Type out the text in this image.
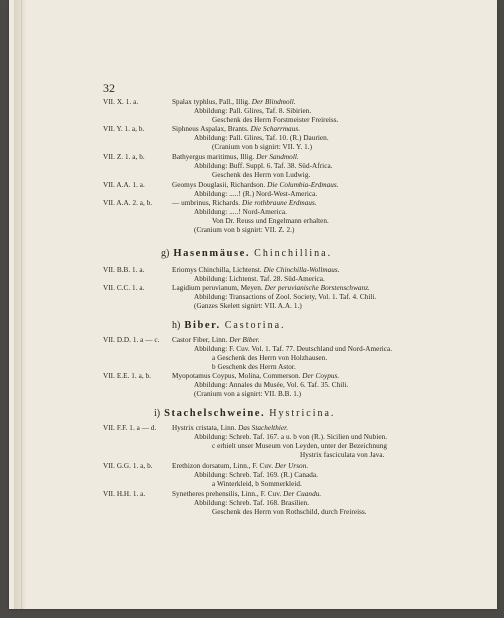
32
VII. X. 1. a.	Spalax typhlus, Pall., Illig. Der Blindmoll.
Abbildung: Pall. Glires, Taf. 8. Sibirien.
Geschenk des Herrn Forstmeister Freireiss.
VII. Y. 1. a, b.	Siphneus Aspalax, Brants. Die Scharrmaus.
Abbildung: Pall. Glires, Taf. 10. (R.) Daurien.
(Cranium von b signirt: VII. Y. 1.)
VII. Z. 1. a, b.	Bathyergus maritimus, Illig. Der Sandmoll.
Abbildung: Buff. Suppl. 6. Taf. 38. Süd-Africa.
Geschenk des Herrn von Ludwig.
VII. A.A. 1. a.	Geomys Douglasii, Richardson. Die Columbia-Erdmaus.
Abbildung: .....! (R.) Nord-West-America.
VII. A.A. 2. a, b.	— umbrinus, Richards. Die rothbraune Erdmaus.
Abbildung: .....! Nord-America.
Von Dr. Reuss und Engelmann erhalten.
(Cranium von b signirt: VII. Z. 2.)
g) Hasenmäuse. Chinchillina.
VII. B.B. 1. a.	Eriomys Chinchilla, Lichtenst. Die Chinchilla-Wollmaus.
Abbildung: Lichtenst. Taf. 28. Süd-America.
VII. C.C. 1. a.	Lagidium peruvianum, Meyen. Der peruvianische Borstenschwanz.
Abbildung: Transactions of Zool. Society, Vol. 1. Taf. 4. Chili.
(Ganzes Skelett signirt: VII. A.A. 1.)
h) Biber. Castorina.
VII. D.D. 1. a — c. Castor Fiber, Linn. Der Biber.
Abbildung: F. Cuv. Vol. 1. Taf. 77. Deutschland und Nord-America.
a Geschenk des Herrn von Holzhausen.
b Geschenk des Herrn Astor.
VII. E.E. 1. a, b.	Myopotamus Coypus, Molina, Commerson. Der Coypus.
Abbildung: Annales du Musée, Vol. 6. Taf. 35. Chili.
(Cranium von a signirt: VII. B.B. 1.)
i) Stachelschweine. Hystricina.
VII. F.F. 1. a — d. Hystrix cristata, Linn. Das Stachelthier.
Abbildung: Schreb. Taf. 167. a u. b von (R.). Sicilien und Nubien.
c erhielt unser Museum von Leyden, unter der Bezeichnung
Hystrix fasciculata von Java.
VII. G.G. 1. a, b.	Erethizon dorsatum, Linn., F. Cuv. Der Urson.
Abbildung: Schreb. Taf. 169. (R.) Canada.
a Winterkleid, b Sommerkleid.
VII. H.H. 1. a.	Synetheres prehensilis, Linn., F. Cuv. Der Cuandu.
Abbildung: Schreb. Taf. 168. Brasilien.
Geschenk des Herrn von Rothschild, durch Freireiss.
